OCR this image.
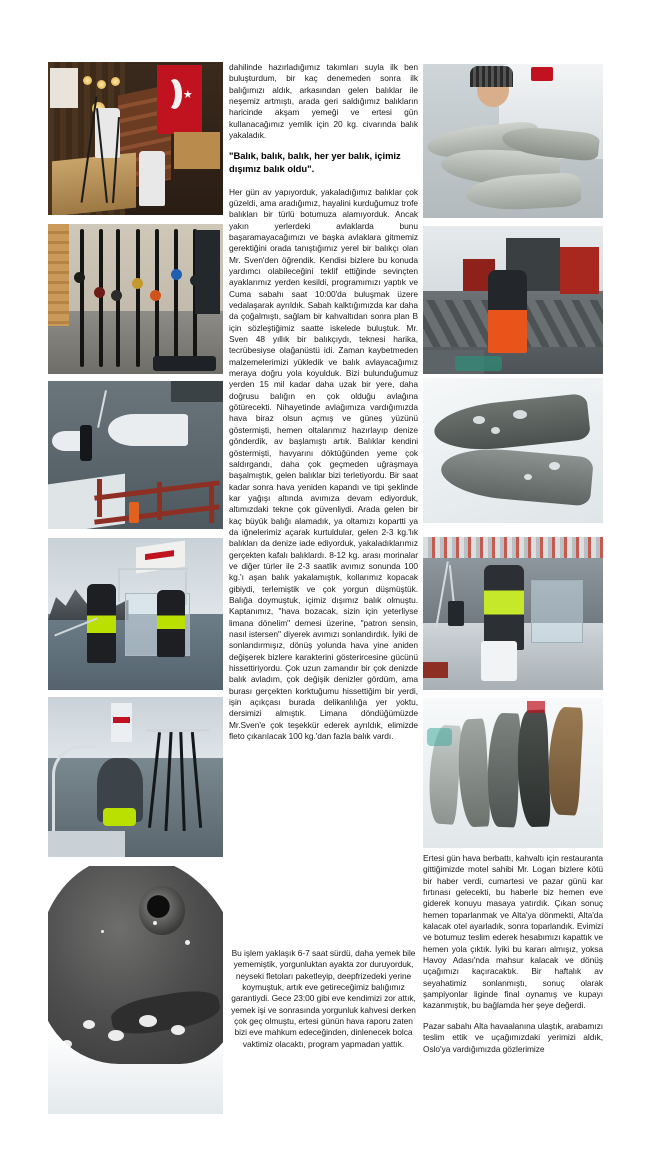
★

dahilinde hazırladığımız takımları suyla ilk ben buluşturdum, bir kaç denemeden sonra ilk balığımızı aldık, arkasından gelen balıklar ile neşemiz artmıştı, arada geri saldığımız balıkların haricinde akşam yemeği ve ertesi gün kullanacağımız yemlik için 20 kg. civarında balık yakaladık.

"Balık, balık, balık, her yer balık, içimiz dışımız balık oldu".

Her gün av yapıyorduk, yakaladığımız balıklar çok güzeldi, ama aradığımız, hayalini kurduğumuz trofe balıkları bir türlü botumuza alamıyorduk. Ancak yakın yerlerdeki avlaklarda bunu başaramayacağımızı ve başka avlaklara gitmemiz gerektiğini orada tanıştığımız yerel bir balıkçı olan Mr. Sven'den öğrendik. Kendisi bizlere bu konuda yardımcı olabileceğini teklif ettiğinde sevinçten ayaklarımız yerden kesildi, programımızı yaptık ve Cuma sabahı saat 10:00'da buluşmak üzere vedalaşarak ayrıldık. Sabah kalktığımızda kar daha da çoğalmıştı, sağlam bir kahvaltıdan sonra plan B için sözleştiğimiz saatte iskelede buluştuk. Mr. Sven 48 yıllık bir balıkçıydı, teknesi harika, tecrübesiyse olağanüstü idi. Zaman kaybetmeden malzemelerimizi yükledik ve balık avlayacağımız meraya doğru yola koyulduk. Bizi bulunduğumuz yerden 15 mil kadar daha uzak bir yere, daha doğrusu balığın en çok olduğu avlağına götürecekti. Nihayetinde avlağımıza vardığımızda hava biraz olsun açmış ve güneş yüzünü göstermişti, hemen oltalarımız hazırlayıp denize gönderdik, av başlamıştı artık. Balıklar kendini göstermişti, havyarını döktüğünden yeme çok saldırgandı, daha çok geçmeden uğraşmaya başalmıştık, gelen balıklar bizi terletiyordu. Bir saat kadar sonra hava yeniden kapandı ve tipi şeklinde kar yağışı altında avımıza devam ediyorduk, altımızdaki tekne çok güvenliydi. Arada gelen bir kaç büyük balığı alamadık, ya oltamızı kopartti ya da iğnelerimiz açarak kurtuldular, gelen 2-3 kg.'lık balıkları da denize iade ediyorduk, yakaladıklarımız gerçekten kafalı balıklardı. 8-12 kg. arası morinalar ve diğer türler ile 2-3 saatlik avımız sonunda 100 kg.'ı aşan balık yakalamıştık, kollarımız kopacak gibiydi, terlemiştik ve çok yorgun düşmüştük. Balığa doymuştuk, içimiz dışımız balık olmuştu. Kaptanımız, "hava bozacak, sizin için yeterliyse limana dönelim" demesi üzerine, "patron sensin, nasıl istersen" diyerek avımızı sonlandırdık. İyiki de sonlandırmışız, dönüş yolunda hava yine aniden değişerek bizlere karakterini gösterircesine gücünü hissettiriyordu. Çok uzun zamandır bir çok denizde balık avladım, çok değişik denizler gördüm, ama burası gerçekten korktuğumu hissettiğim bir yerdi, işin açıkçası burada delikanlılığa yer yoktu, dersimizi almıştık. Limana döndüğümüzde Mr.Sven'e çok teşekkür ederek ayrıldık, elimizde fleto çıkarılacak 100 kg.'dan fazla balık vardı.

Bu işlem yaklaşık 6-7 saat sürdü, daha yemek bile yememiştik, yorgunluktan ayakta zor duruyorduk, neyseki fletoları paketleyip, deepfrizedeki yerine koymuştuk, artık eve getireceğimiz balığımız garantiydi. Gece 23:00 gibi eve kendimizi zor attık, yemek işi ve sonrasında yorgunluk kahvesi derken çok geç olmuştu, ertesi günün hava raporu zaten bizi eve mahkum edeceğinden, dinlenecek bolca vaktimiz olacaktı, program yapmadan yattık.

Ertesi gün hava berbattı, kahvaltı için restauranta gittiğimizde motel sahibi Mr. Logan bizlere kötü bir haber verdi, cumartesi ve pazar günü kar fırtınası gelecekti, bu haberle biz hemen eve giderek konuyu masaya yatırdık. Çıkan sonuç hemen toparlanmak ve Alta'ya dönmekti, Alta'da kalacak otel ayarladık, sonra toparlandık. Evimizi ve botumuz teslim ederek hesabımızı kapattık ve hemen yola çıktık. İyiki bu kararı almışız, yoksa Havoy Adası'nda mahsur kalacak ve dönüş uçağımızı kaçıracaktık. Bir haftalık av seyahatimiz sonlanmıştı, sonuç olarak şampiyonlar liginde final oynamış ve kupayı kazanmıştık, bu bağlamda her şeye değerdi.

Pazar sabahı Alta havaalanına ulaştık, arabamızı teslim ettik ve uçağımızdaki yerimizi aldık, Oslo'ya vardığımızda gözlerimize
